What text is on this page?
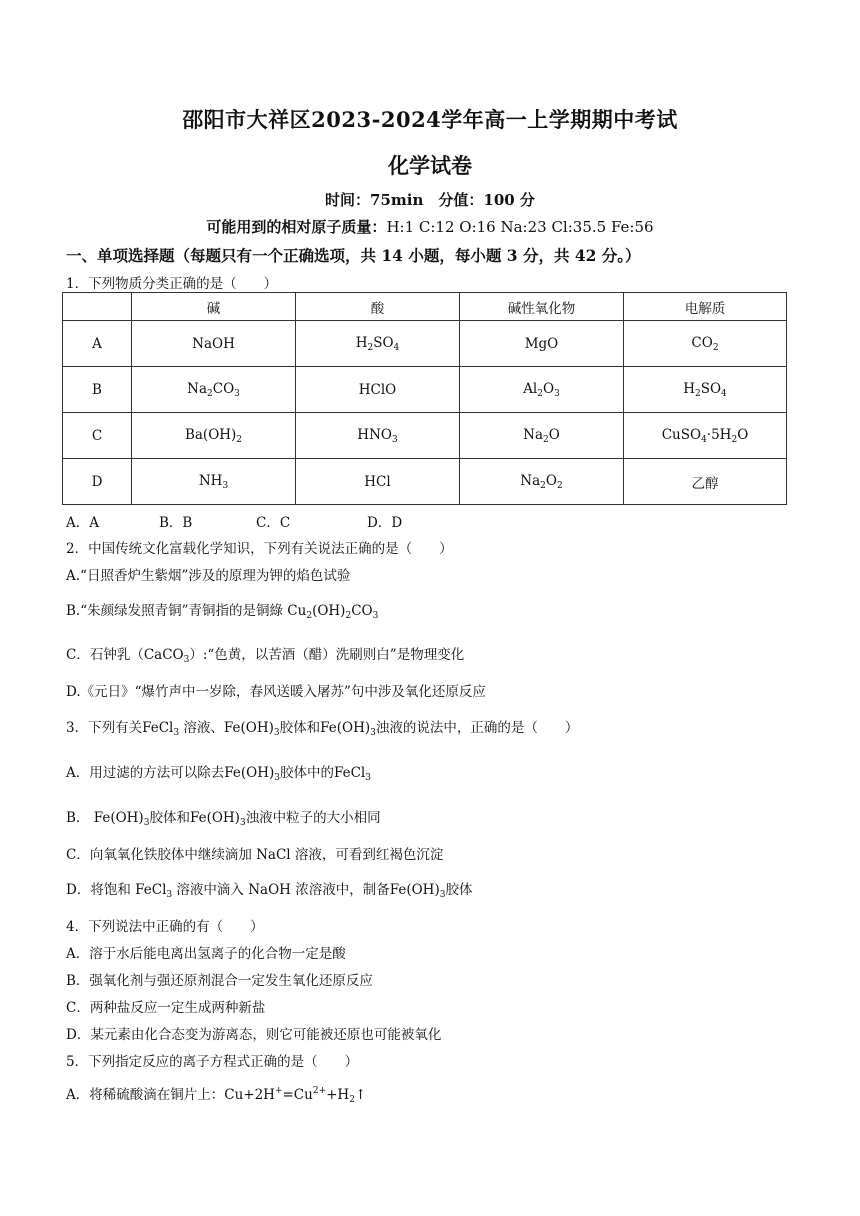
邵阳市大祥区2023-2024学年高一上学期期中考试
化学试卷
时间：75min　分值：100 分
可能用到的相对原子质量：H:1 C:12 O:16 Na:23 Cl:35.5 Fe:56
一、单项选择题（每题只有一个正确选项，共 14 小题，每小题 3 分，共 42 分。）
1．下列物质分类正确的是（　　）
	碱	酸	碱性氧化物	电解质
A	NaOH	$H_2SO_4$	MgO	$CO_2$
B	$Na_2CO_3$	HClO	$Al_2O_3$	$H_2SO_4$
C	$Ba(OH)_2$	$HNO_3$	$Na_2O$	$CuSO_4\cdot 5H_2O$
D	$NH_3$	HCl	$Na_2O_2$	乙醇
A．A	B．B	C．C	D．D
2．中国传统文化富载化学知识，下列有关说法正确的是（　　）
A.“日照香炉生紫烟”涉及的原理为钾的焰色试验
B.“朱颜绿发照青铜”青铜指的是铜綠 $Cu_2(OH)_2CO_3$
C．石钟乳（CaCO$_3$）:“色黄，以苦酒（醋）洗刷则白”是物理变化
D.《元日》“爆竹声中一岁除，春风送暖入屠苏”句中涉及氧化还原反应
3．下列有关FeCl$_3$ 溶液、$Fe(OH)_3$胶体和$Fe(OH)_3$浊液的说法中，正确的是（　　）
A．用过滤的方法可以除去$Fe(OH)_3$胶体中的FeCl$_3$
B． $Fe(OH)_3$胶体和$Fe(OH)_3$浊液中粒子的大小相同
C．向氧氧化铁胶体中继续滴加 NaCl 溶液，可看到红褐色沉淀
D．将饱和 FeCl$_3$ 溶液中滴入 NaOH 浓溶液中，制备$Fe(OH)_3$胶体
4．下列说法中正确的有（　　）
A．溶于水后能电离出氢离子的化合物一定是酸
B．强氧化剂与强还原剂混合一定发生氧化还原反应
C．两种盐反应一定生成两种新盐
D．某元素由化合态变为游离态，则它可能被还原也可能被氧化
5．下列指定反应的离子方程式正确的是（　　）
A．将稀硫酸滴在铜片上：$Cu+2H^+=Cu^{2+}+H_2↑$
